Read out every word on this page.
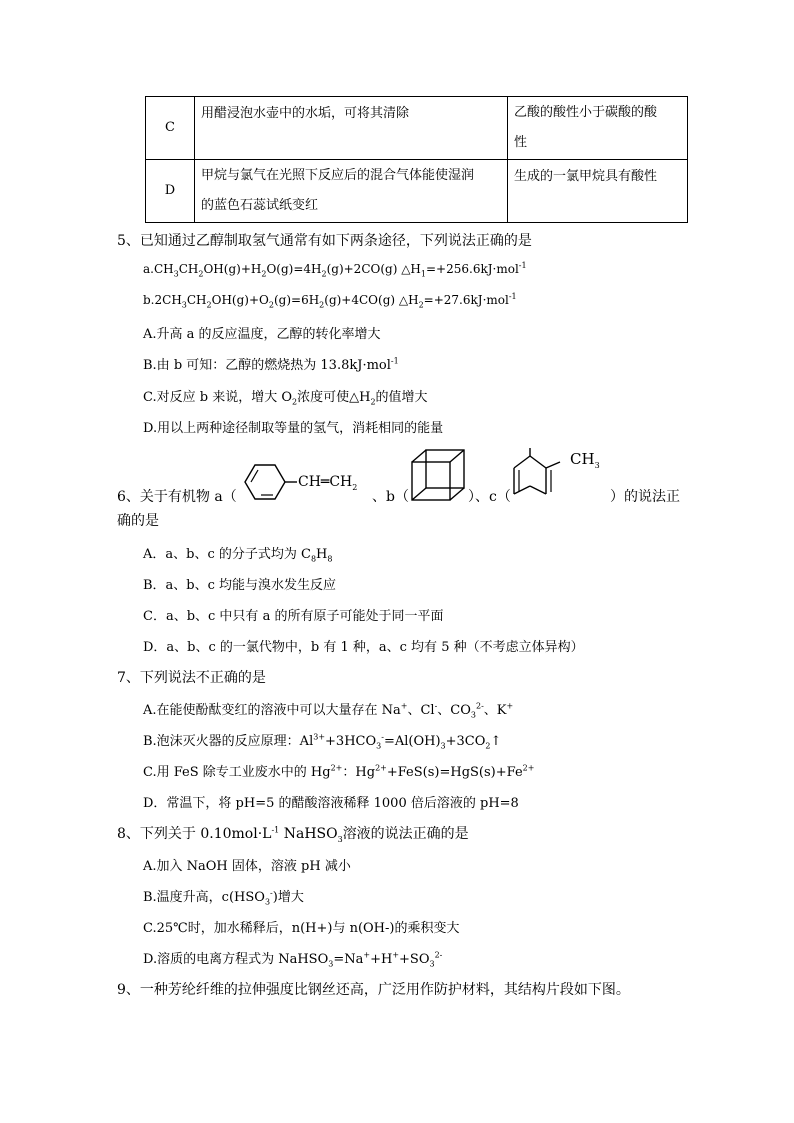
C	用醋浸泡水壶中的水垢，可将其清除	乙酸的酸性小于碳酸的酸
性

D	甲烷与氯气在光照下反应后的混合气体能使湿润
的蓝色石蕊试纸变红	生成的一氯甲烷具有酸性
5、已知通过乙醇制取氢气通常有如下两条途径，下列说法正确的是
$a.CH_3CH_2OH(g)+H_2O(g)=4H_2(g)+2CO(g)$ $\triangle H_1=+256.6kJ\cdot mol^{-1}$
$b.2CH_3CH_2OH(g)+O_2(g)=6H_2(g)+4CO(g)$ $\triangle H_2=+27.6kJ\cdot mol^{-1}$
A.升高 a 的反应温度，乙醇的转化率增大
B.由 b 可知：乙醇的燃烧热为 13.8kJ·mol$^{-1}$
C.对反应 b 来说，增大 $O_2$浓度可使$\triangle H_2$的值增大
D.用以上两种途径制取等量的氢气，消耗相同的能量
6、关于有机物 a（
$CH═CH_2$
、b（	）、c（
$CH_3$
）的说法正
确的是
A．a、b、c 的分子式均为 $C_8H_8$
B．a、b、c 均能与溴水发生反应
C．a、b、c 中只有 a 的所有原子可能处于同一平面
D．a、b、c 的一氯代物中，b 有 1 种，a、c 均有 5 种（不考虑立体异构）
7、下列说法不正确的是
A.在能使酚酞变红的溶液中可以大量存在 Na+、Cl-、$CO_3^{2-}$、K+
B.泡沫灭火器的反应原理：$Al^{3+}+3HCO_3^-=Al(OH)_3+3CO_2↑$
C.用 FeS 除专工业废水中的 $Hg^{2+}$：$Hg^{2+}+FeS(s)=HgS(s)+Fe^{2+}$
D．常温下，将 pH=5 的醋酸溶液稀释 1000 倍后溶液的 pH=8
8、下列关于 $0.10mol\cdot L^{-1}$ NaHSO$_3$溶液的说法正确的是
A.加入 NaOH 固体，溶液 pH 减小
B.温度升高，$c(HSO_3^-)$增大
C.25℃时，加水稀释后，n(H+)与 n(OH-)的乘积变大
D.溶质的电离方程式为 $NaHSO_3=Na^++H^++SO_3^{2-}$
9、一种芳纶纤维的拉伸强度比钢丝还高，广泛用作防护材料，其结构片段如下图。
